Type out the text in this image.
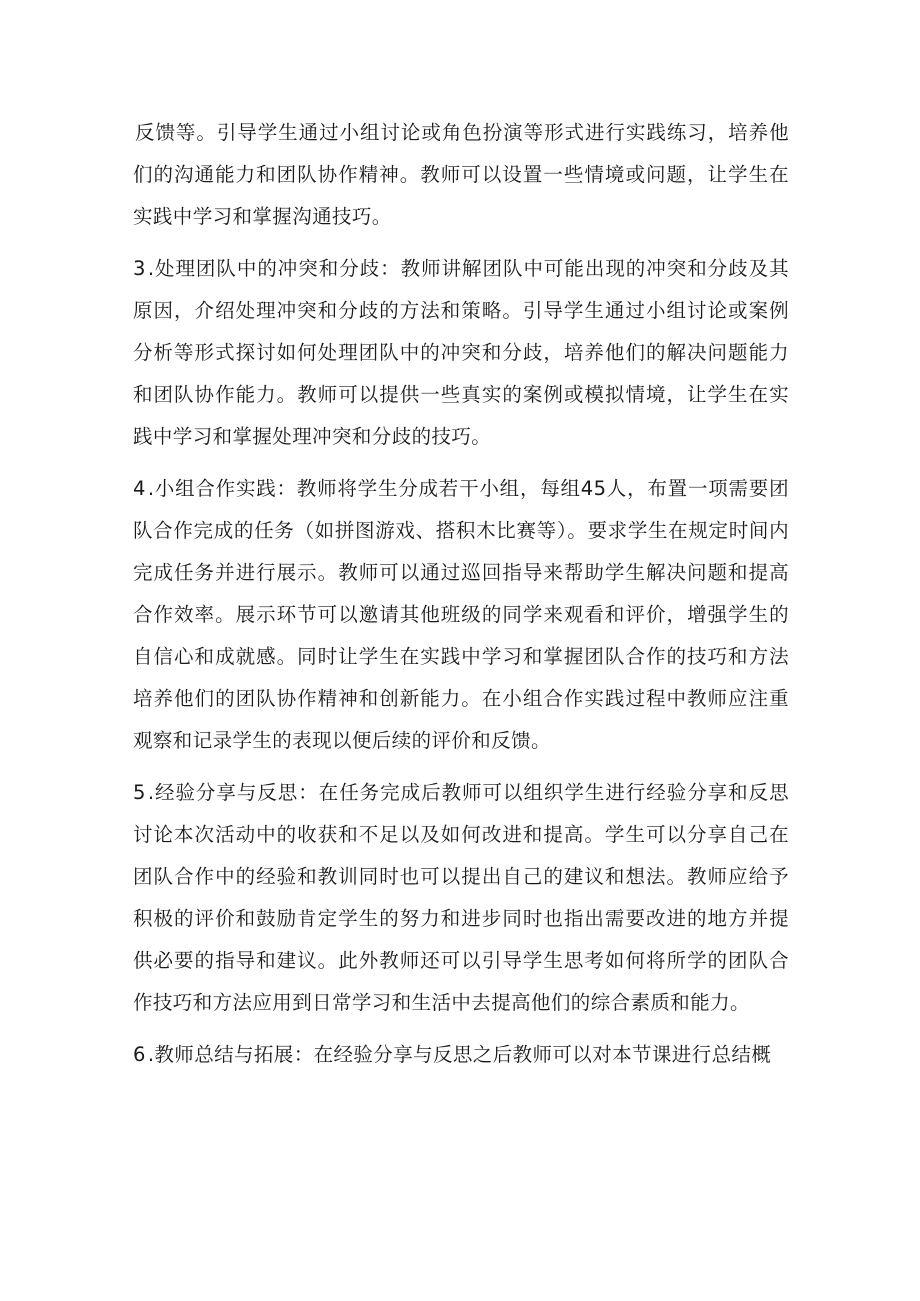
反馈等。引导学生通过小组讨论或角色扮演等形式进行实践练习，培养他们的沟通能力和团队协作精神。教师可以设置一些情境或问题，让学生在实践中学习和掌握沟通技巧。

3 .处理团队中的冲突和分歧：教师讲解团队中可能出现的冲突和分歧及其原因，介绍处理冲突和分歧的方法和策略。引导学生通过小组讨论或案例分析等形式探讨如何处理团队中的冲突和分歧，培养他们的解决问题能力和团队协作能力。教师可以提供一些真实的案例或模拟情境，让学生在实践中学习和掌握处理冲突和分歧的技巧。

4 .小组合作实践：教师将学生分成若干小组，每组45人，布置一项需要团队合作完成的任务（如拼图游戏、搭积木比赛等）。要求学生在规定时间内完成任务并进行展示。教师可以通过巡回指导来帮助学生解决问题和提高合作效率。展示环节可以邀请其他班级的同学来观看和评价，增强学生的自信心和成就感。同时让学生在实践中学习和掌握团队合作的技巧和方法培养他们的团队协作精神和创新能力。在小组合作实践过程中教师应注重观察和记录学生的表现以便后续的评价和反馈。

5 .经验分享与反思：在任务完成后教师可以组织学生进行经验分享和反思讨论本次活动中的收获和不足以及如何改进和提高。学生可以分享自己在团队合作中的经验和教训同时也可以提出自己的建议和想法。教师应给予积极的评价和鼓励肯定学生的努力和进步同时也指出需要改进的地方并提供必要的指导和建议。此外教师还可以引导学生思考如何将所学的团队合作技巧和方法应用到日常学习和生活中去提高他们的综合素质和能力。

6 .教师总结与拓展：在经验分享与反思之后教师可以对本节课进行总结概
